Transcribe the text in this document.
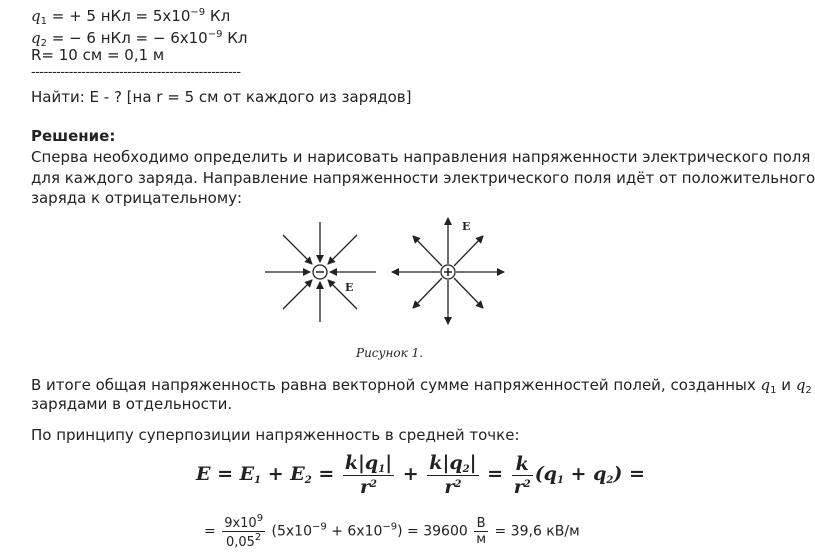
$q_1$ = + 5 нКл = $5х10^{-9}$ Кл
$q_2$ = − 6 нКл = − $6х10^{-9}$ Кл
R= 10 см = 0,1 м
--------------------------------------------------
Найти: Е - ? [на r = 5 см от каждого из зарядов]
Решение:
Сперва необходимо определить и нарисовать направления напряженности электрического поля
для каждого заряда. Направление напряженности электрического поля идёт от положительного
заряда к отрицательному:
E
E
Рисунок 1.
В итоге общая напряженность равна векторной сумме напряженностей полей, созданных $q_1$ и $q_2$
зарядами в отдельности.
По принципу суперпозиции напряженность в средней точке:
$E = E_1 + E_2 = \frac{k|q_1|}{r^2} + \frac{k|q_2|}{r^2} = \frac{k}{r^2} (q_1 + q_2)$ =
= $\frac{9х10^9}{0,05^2} (5х10^{-9} + 6х10^{-9}) = 39600 \frac{В}{м} = 39,6$ кВ/м
